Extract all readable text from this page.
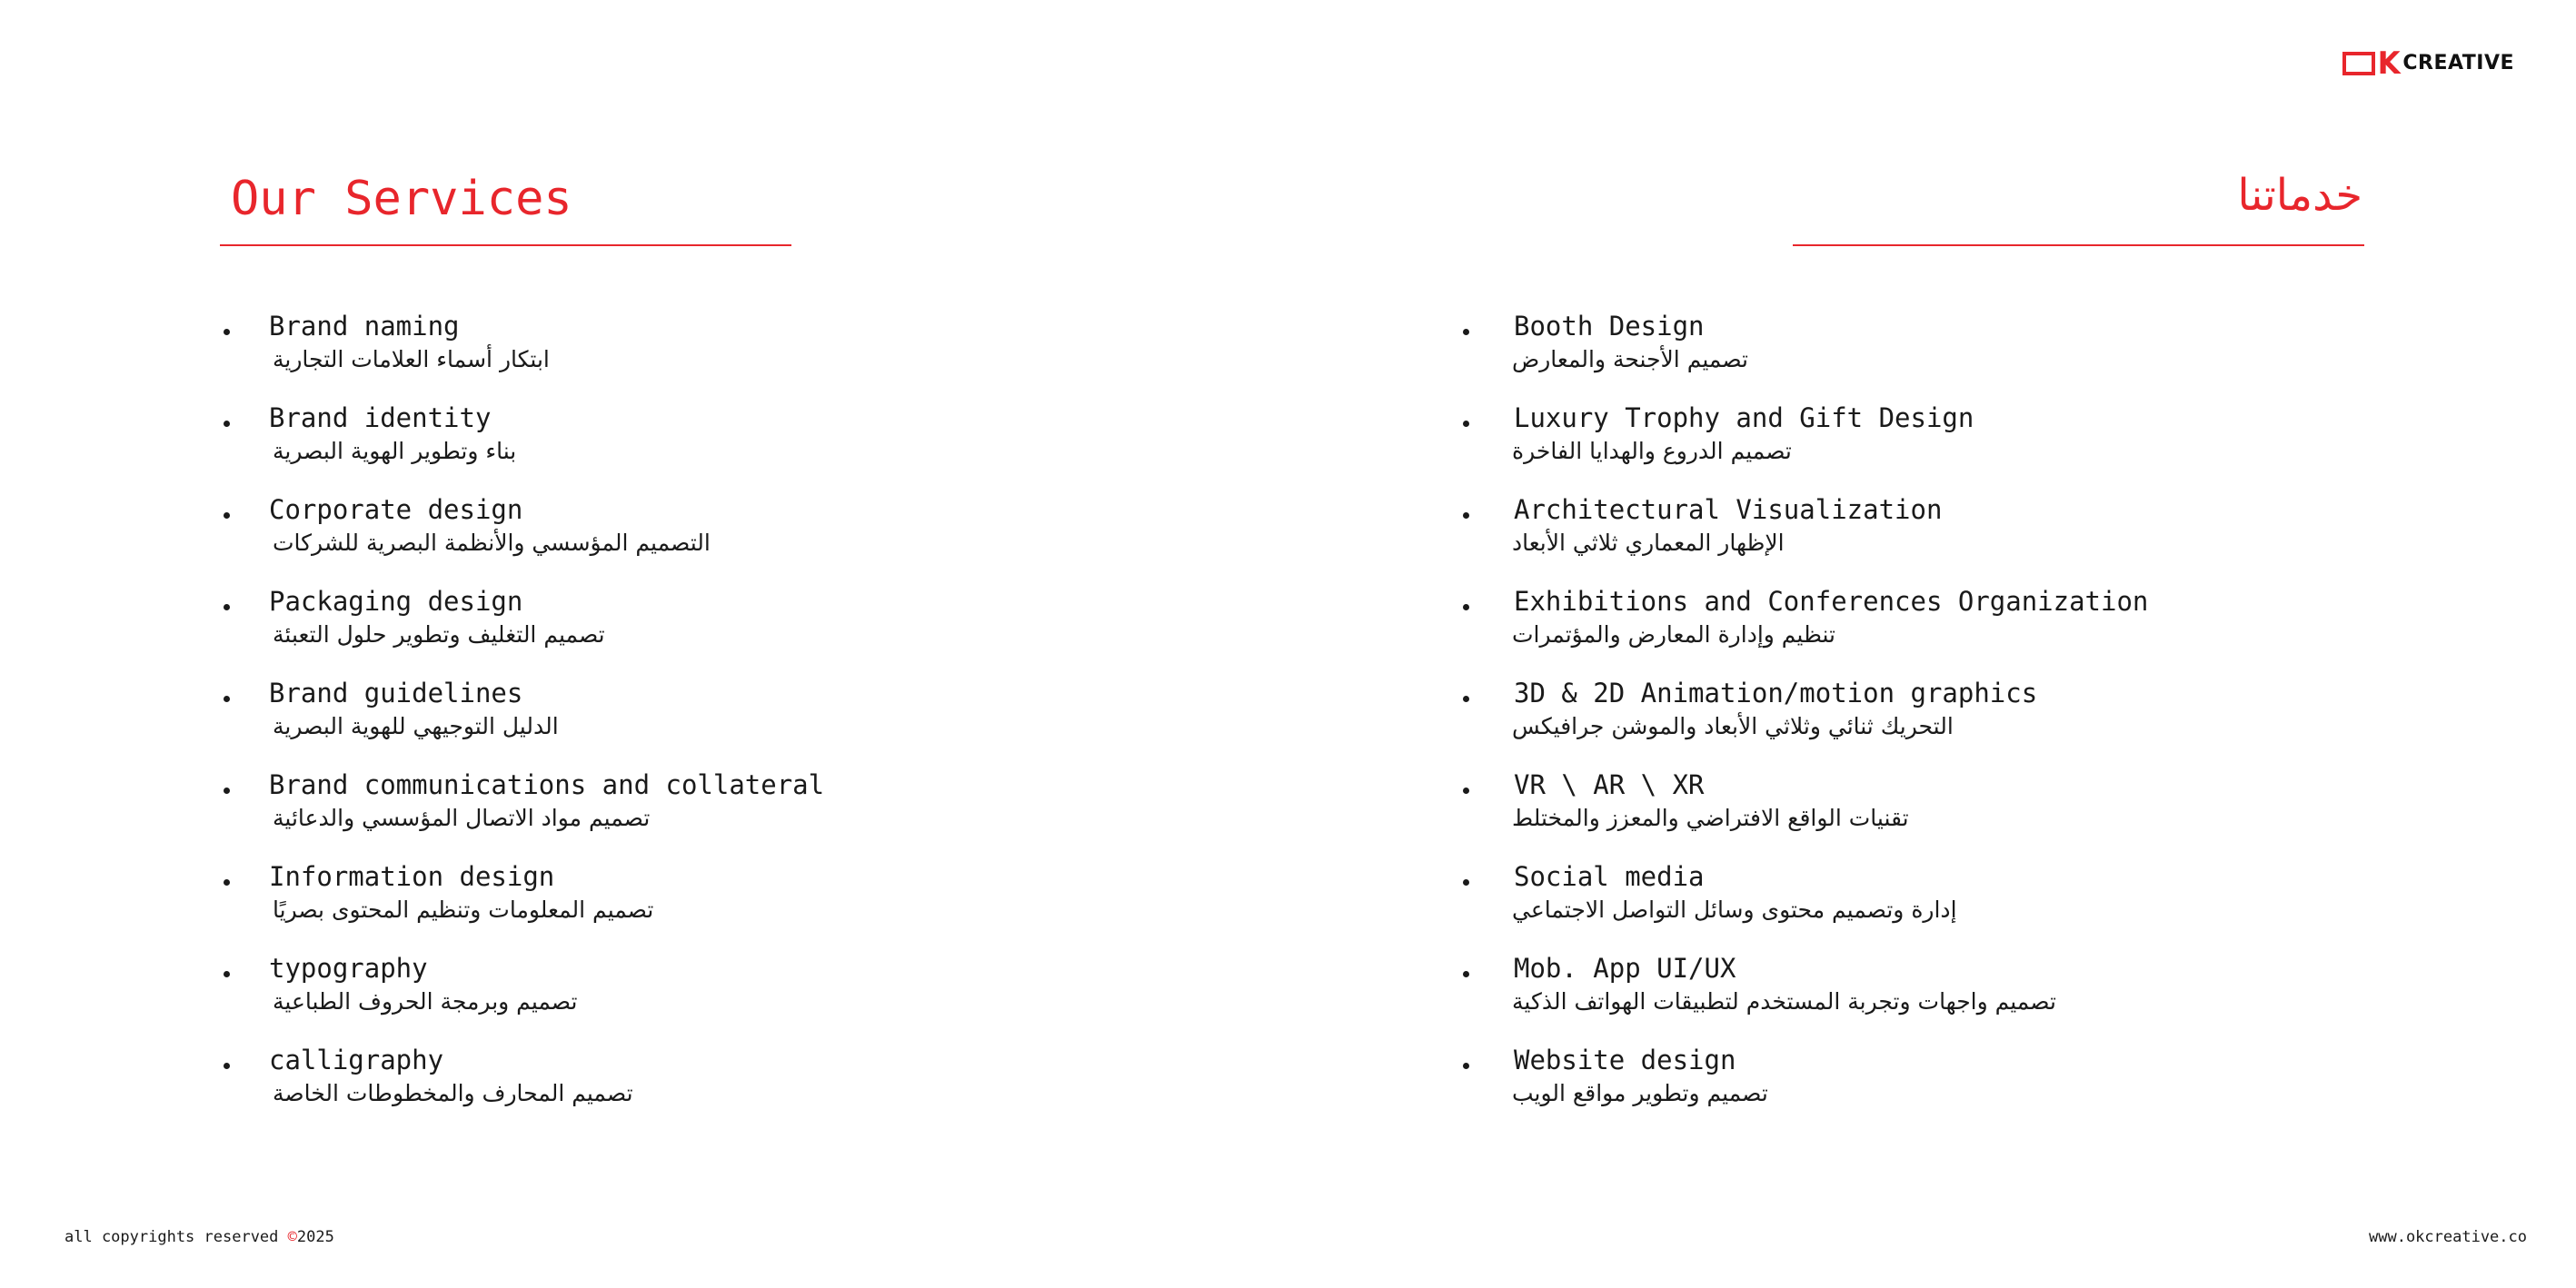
K CREATIVE
Our Services	خدماتنا
Brand naming
ابتكار أسماء العلامات التجارية
Brand identity
بناء وتطوير الهوية البصرية
Corporate design
التصميم المؤسسي والأنظمة البصرية للشركات
Packaging design
تصميم التغليف وتطوير حلول التعبئة
Brand guidelines
الدليل التوجيهي للهوية البصرية
Brand communications and collateral
تصميم مواد الاتصال المؤسسي والدعائية
Information design
تصميم المعلومات وتنظيم المحتوى بصريًا
typography
تصميم وبرمجة الحروف الطباعية
calligraphy
تصميم المحارف والمخطوطات الخاصة
Booth Design
تصميم الأجنحة والمعارض
Luxury Trophy and Gift Design
تصميم الدروع والهدايا الفاخرة
Architectural Visualization
الإظهار المعماري ثلاثي الأبعاد
Exhibitions and Conferences Organization
تنظيم وإدارة المعارض والمؤتمرات
3D & 2D Animation/motion graphics
التحريك ثنائي وثلاثي الأبعاد والموشن جرافيكس
VR \ AR \ XR
تقنيات الواقع الافتراضي والمعزز والمختلط
Social media
إدارة وتصميم محتوى وسائل التواصل الاجتماعي
Mob. App UI/UX
تصميم واجهات وتجربة المستخدم لتطبيقات الهواتف الذكية
Website design
تصميم وتطوير مواقع الويب
all copyrights reserved ©2025	www.okcreative.co
